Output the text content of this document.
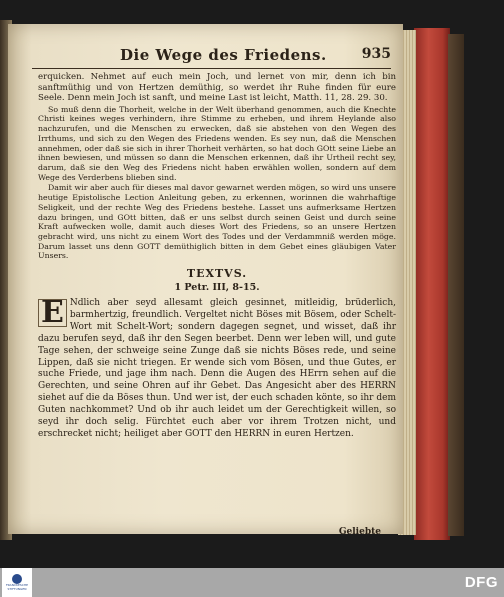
Die Wege des Friedens.	935

erquicken. Nehmet auf euch mein Joch, und lernet von mir, denn ich bin sanftmüthig und von Hertzen demüthig, so werdet ihr Ruhe finden für eure Seele. Denn mein Joch ist sanft, und meine Last ist leicht, Matth. 11, 28. 29. 30.

So muß denn die Thorheit, welche in der Welt überhand genommen, auch die Knechte Christi keines weges verhindern, ihre Stimme zu erheben, und ihrem Heylande also nachzurufen, und die Menschen zu erwecken, daß sie abstehen von den Wegen des Irrthums, und sich zu den Wegen des Friedens wenden. Es sey nun, daß die Menschen annehmen, oder daß sie sich in ihrer Thorheit verhärten, so hat doch GOtt seine Liebe an ihnen bewiesen, und müssen so dann die Menschen erkennen, daß ihr Urtheil recht sey, darum, daß sie den Weg des Friedens nicht haben erwählen wollen, sondern auf dem Wege des Verderbens blieben sind.

Damit wir aber auch für dieses mal davor gewarnet werden mögen, so wird uns unsere heutige Epistolische Lection Anleitung geben, zu erkennen, worinnen die wahrhaftige Seligkeit, und der rechte Weg des Friedens bestehe. Lasset uns aufmerksame Hertzen dazu bringen, und GOtt bitten, daß er uns selbst durch seinen Geist und durch seine Kraft aufwecken wolle, damit auch dieses Wort des Friedens, so an unsere Hertzen gebracht wird, uns nicht zu einem Wort des Todes und der Verdammniß werden möge. Darum lasset uns denn GOTT demüthiglich bitten in dem Gebet eines gläubigen Vater Unsers.

TEXTVS.
1 Petr. III, 8-15.

E Ndlich aber seyd allesamt gleich gesinnet, mitleidig, brüderlich, barmhertzig, freundlich. Vergeltet nicht Böses mit Bösem, oder Schelt-Wort mit Schelt-Wort; sondern dagegen segnet, und wisset, daß ihr dazu berufen seyd, daß ihr den Segen beerbet. Denn wer leben will, und gute Tage sehen, der schweige seine Zunge daß sie nichts Böses rede, und seine Lippen, daß sie nicht triegen. Er wende sich vom Bösen, und thue Gutes, er suche Friede, und jage ihm nach. Denn die Augen des HErrn sehen auf die Gerechten, und seine Ohren auf ihr Gebet. Das Angesicht aber des HERRN siehet auf die da Böses thun. Und wer ist, der euch schaden könte, so ihr dem Guten nachkommet? Und ob ihr auch leidet um der Gerechtigkeit willen, so seyd ihr doch selig. Fürchtet euch aber vor ihrem Trotzen nicht, und erschrecket nicht; heiliget aber GOTT den HERRN in euren Hertzen.

Geliebte
FRANCKESCHE STIFTUNGEN	DFG
